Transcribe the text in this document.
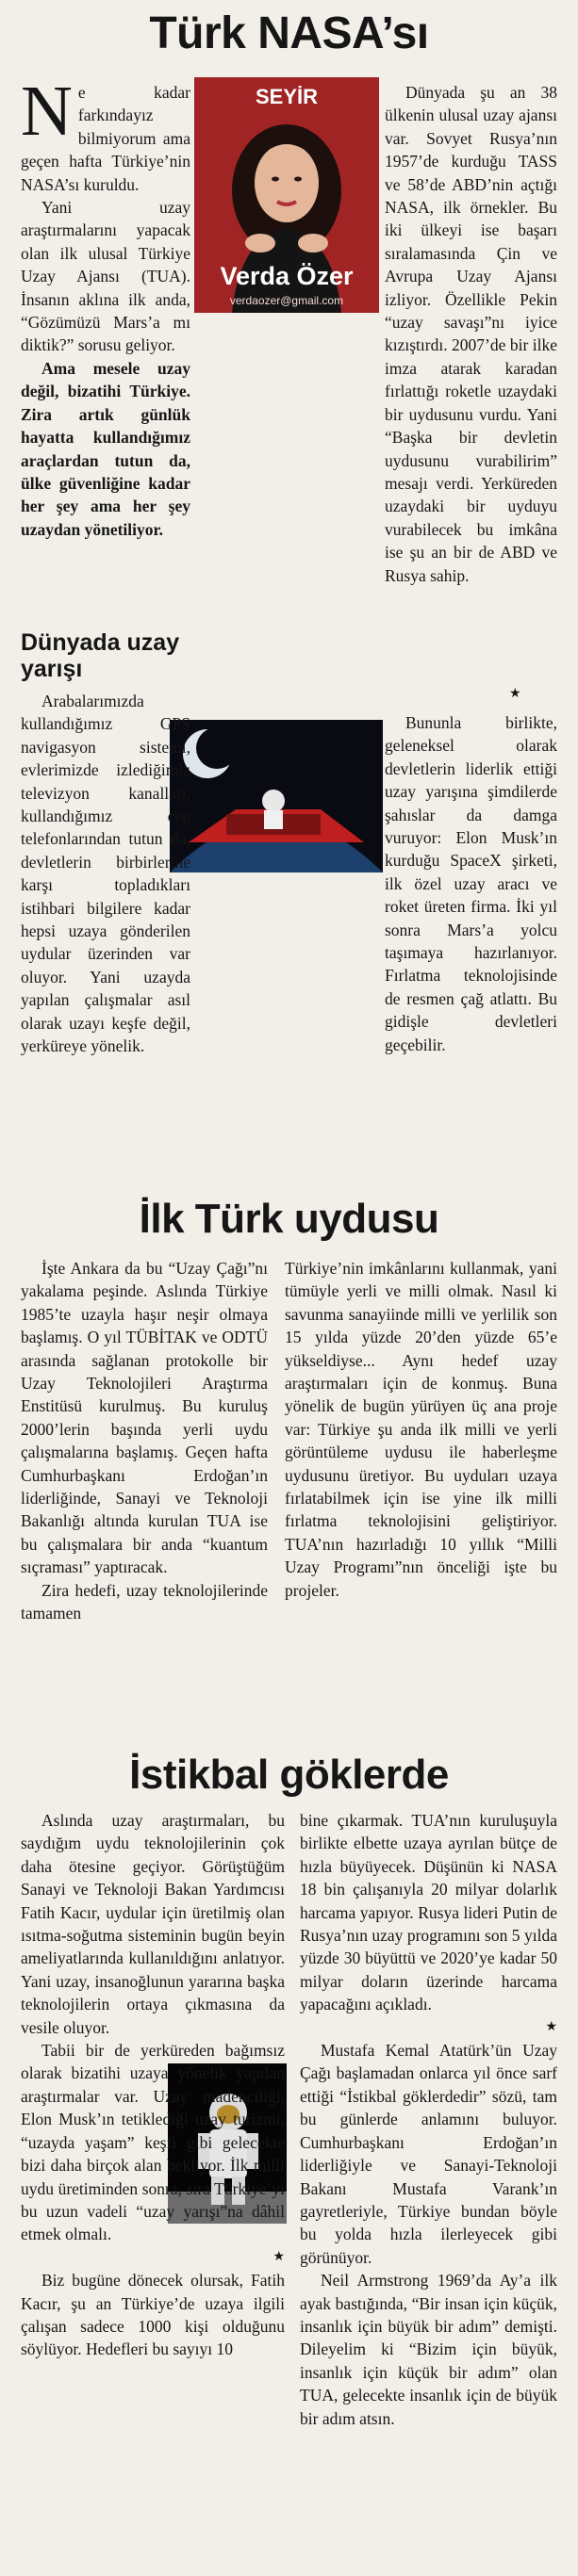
Türk NASA’sı
SEYİR
Verda Özer
verdaozer@gmail.com

Ne kadar farkındayız bilmiyorum ama geçen hafta Türkiye’nin NASA’sı kuruldu.

Yani uzay araştırmalarını yapacak olan ilk ulusal Türkiye Uzay Ajansı (TUA). İnsanın aklına ilk anda, “Gözümüzü Mars’a mı diktik?” sorusu geliyor.

Ama mesele uzay değil, bizatihi Türkiye. Zira artık günlük hayatta kullandığımız araçlardan tutun da, ülke güvenliğine kadar her şey ama her şey uzaydan yönetiliyor.

Dünyada şu an 38 ülkenin ulusal uzay ajansı var. Sovyet Rusya’nın 1957’de kurduğu TASS ve 58’de ABD’nin açtığı NASA, ilk örnekler. Bu iki ülkeyi ise başarı sıralamasında Çin ve Avrupa Uzay Ajansı izliyor. Özellikle Pekin “uzay savaşı”nı iyice kızıştırdı. 2007’de bir ilke imza atarak karadan fırlattığı roketle uzaydaki bir uydusunu vurdu. Yani “Başka bir devletin uydusunu vurabilirim” mesajı verdi. Yerküreden uzaydaki bir uyduyu vurabilecek bu imkâna ise şu an bir de ABD ve Rusya sahip.

Dünyada uzay yarışı
★

Arabalarımızda kullandığımız GPS navigasyon sistemi, evlerimizde izlediğimiz televizyon kanalları, kullandığımız cep telefonlarından tutun da, devletlerin birbirlerine karşı topladıkları istihbari bilgilere kadar hepsi uzaya gönderilen uydular üzerinden var oluyor. Yani uzayda yapılan çalışmalar asıl olarak uzayı keşfe değil, yerküreye yönelik.

Bununla birlikte, geleneksel olarak devletlerin liderlik ettiği uzay yarışına şimdilerde şahıslar da damga vuruyor: Elon Musk’ın kurduğu SpaceX şirketi, ilk özel uzay aracı ve roket üreten firma. İki yıl sonra Mars’a yolcu taşımaya hazırlanıyor. Fırlatma teknolojisinde de resmen çağ atlattı. Bu gidişle devletleri geçebilir.

İlk Türk uydusu

İşte Ankara da bu “Uzay Çağı”nı yakalama peşinde. Aslında Türkiye 1985’te uzayla haşır neşir olmaya başlamış. O yıl TÜBİTAK ve ODTÜ arasında sağlanan protokolle bir Uzay Teknolojileri Araştırma Enstitüsü kurulmuş. Bu kuruluş 2000’lerin başında yerli uydu çalışmalarına başlamış. Geçen hafta Cumhurbaşkanı Erdoğan’ın liderliğinde, Sanayi ve Teknoloji Bakanlığı altında kurulan TUA ise bu çalışmalara bir anda “kuantum sıçraması” yaptıracak.

Zira hedefi, uzay teknolojilerinde tamamen

Türkiye’nin imkânlarını kullanmak, yani tümüyle yerli ve milli olmak. Nasıl ki savunma sanayiinde milli ve yerlilik son 15 yılda yüzde 20’den yüzde 65’e yükseldiyse... Aynı hedef uzay araştırmaları için de konmuş. Buna yönelik de bugün yürüyen üç ana proje var: Türkiye şu anda ilk milli ve yerli görüntüleme uydusu ile haberleşme uydusunu üretiyor. Bu uyduları uzaya fırlatabilmek için ise yine ilk milli fırlatma teknolojisini geliştiriyor. TUA’nın hazırladığı 10 yıllık “Milli Uzay Programı”nın önceliği işte bu projeler.

İstikbal göklerde

Aslında uzay araştırmaları, bu saydığım uydu teknolojilerinin çok daha ötesine geçiyor. Görüştüğüm Sanayi ve Teknoloji Bakan Yardımcısı Fatih Kacır, uydular için üretilmiş olan ısıtma-soğutma sisteminin bugün beyin ameliyatlarında kullanıldığını anlatıyor. Yani uzay, insanoğlunun yararına başka teknolojilerin ortaya çıkmasına da vesile oluyor.

Tabii bir de yerküreden bağımsız olarak bizatihi uzaya yönelik yapılan araştırmalar var. Uzay madenciliği, Elon Musk’ın tetiklediği uzay turizmi, “uzayda yaşam” keşfi gibi gelecekte bizi daha birçok alan bekliyor. İlk milli uydu üretiminden sonra, sıra Türkiye’yi bu uzun vadeli “uzay yarışı”na dâhil etmek olmalı.

★

Biz bugüne dönecek olursak, Fatih Kacır, şu an Türkiye’de uzaya ilgili çalışan sadece 1000 kişi olduğunu söylüyor. Hedefleri bu sayıyı 10

bine çıkarmak. TUA’nın kuruluşuyla birlikte elbette uzaya ayrılan bütçe de hızla büyüyecek. Düşünün ki NASA 18 bin çalışanıyla 20 milyar dolarlık harcama yapıyor. Rusya lideri Putin de Rusya’nın uzay programını son 5 yılda yüzde 30 büyüttü ve 2020’ye kadar 50 milyar doların üzerinde harcama yapacağını açıkladı.

★

Mustafa Kemal Atatürk’ün Uzay Çağı başlamadan onlarca yıl önce sarf ettiği “İstikbal göklerdedir” sözü, tam bu günlerde anlamını buluyor. Cumhurbaşkanı Erdoğan’ın liderliğiyle ve Sanayi-Teknoloji Bakanı Mustafa Varank’ın gayretleriyle, Türkiye bundan böyle bu yolda hızla ilerleyecek gibi görünüyor.

Neil Armstrong 1969’da Ay’a ilk ayak bastığında, “Bir insan için küçük, insanlık için büyük bir adım” demişti. Dileyelim ki “Bizim için büyük, insanlık için küçük bir adım” olan TUA, gelecekte insanlık için de büyük bir adım atsın.
